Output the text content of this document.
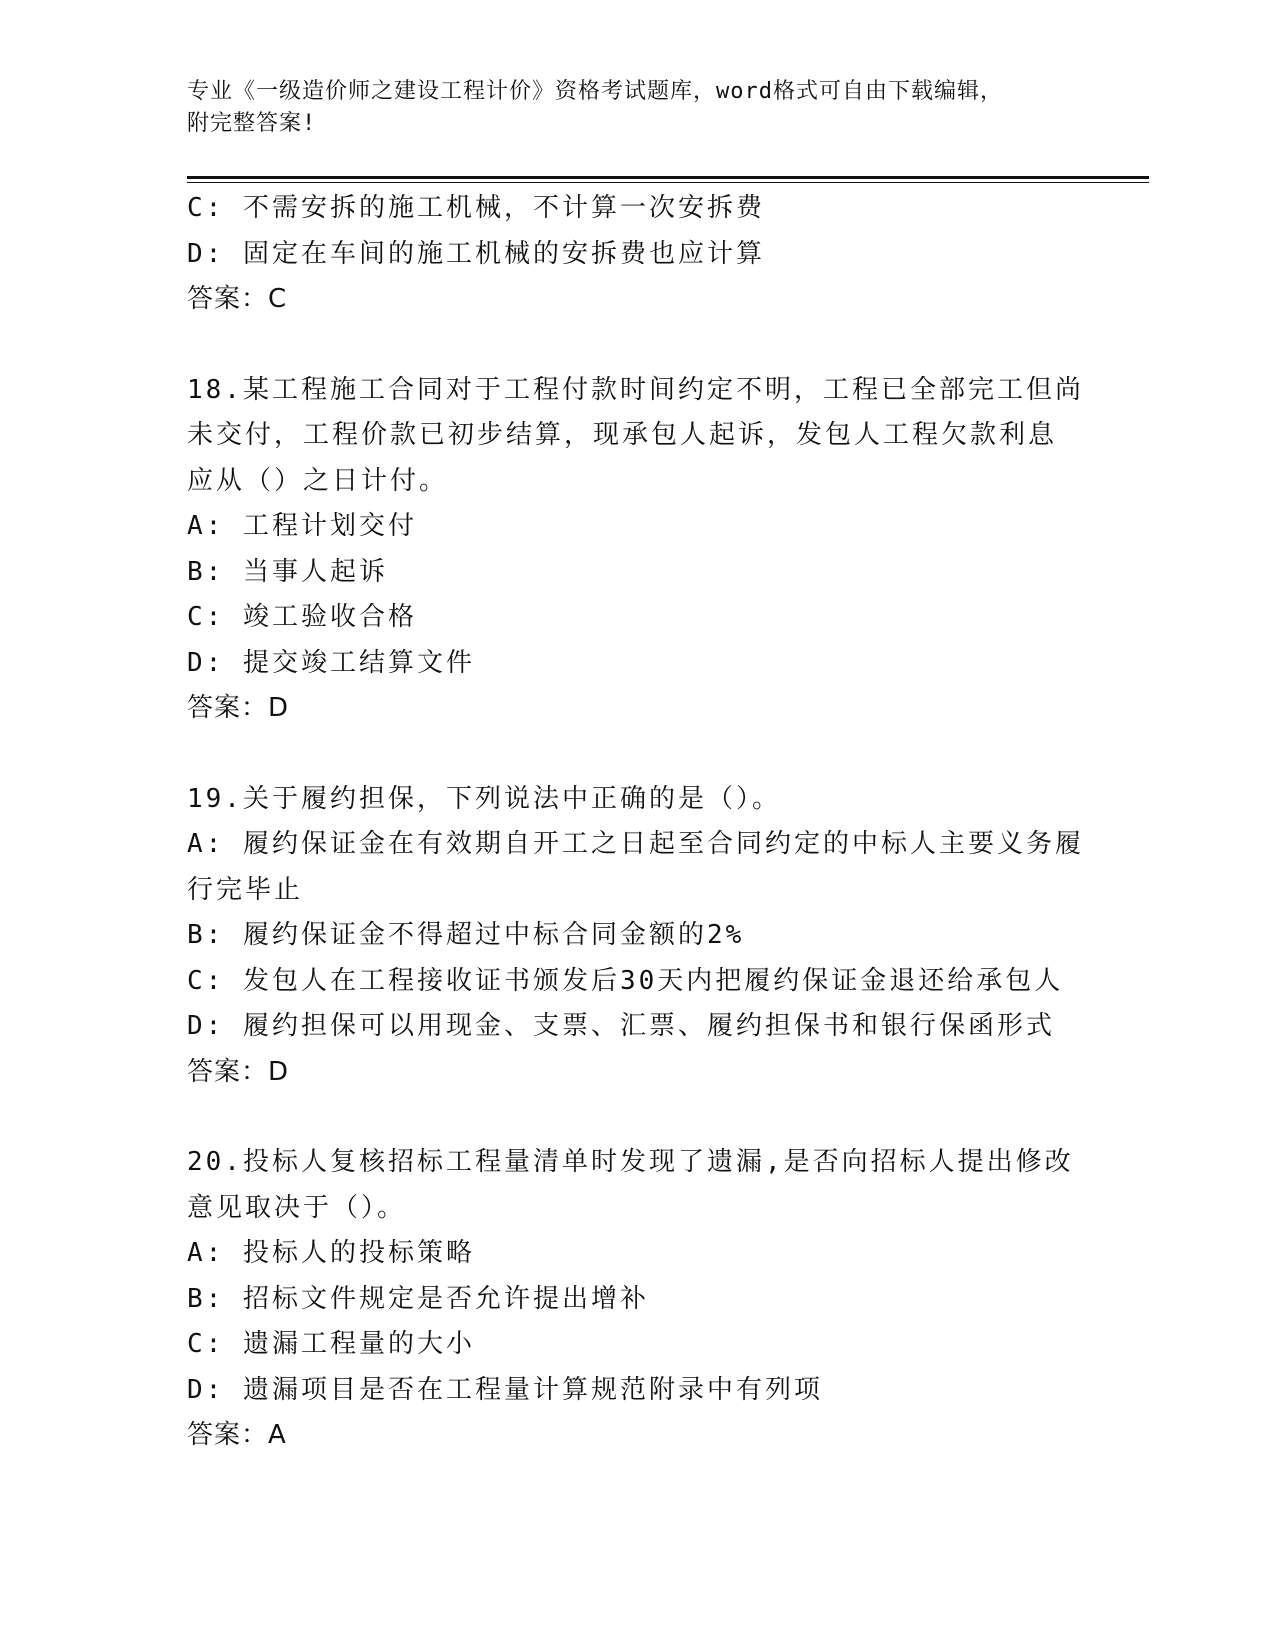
专业《一级造价师之建设工程计价》资格考试题库，word格式可自由下载编辑，
附完整答案!
C: 不需安拆的施工机械，不计算一次安拆费
D: 固定在车间的施工机械的安拆费也应计算
答案：C
18.某工程施工合同对于工程付款时间约定不明，工程已全部完工但尚
未交付，工程价款已初步结算，现承包人起诉，发包人工程欠款利息
应从（）之日计付。
A: 工程计划交付
B: 当事人起诉
C: 竣工验收合格
D: 提交竣工结算文件
答案：D
19.关于履约担保，下列说法中正确的是（）。
A: 履约保证金在有效期自开工之日起至合同约定的中标人主要义务履
行完毕止
B: 履约保证金不得超过中标合同金额的2%
C: 发包人在工程接收证书颁发后30天内把履约保证金退还给承包人
D: 履约担保可以用现金、支票、汇票、履约担保书和银行保函形式
答案：D
20.投标人复核招标工程量清单时发现了遗漏,是否向招标人提出修改
意见取决于（）。
A: 投标人的投标策略
B: 招标文件规定是否允许提出增补
C: 遗漏工程量的大小
D: 遗漏项目是否在工程量计算规范附录中有列项
答案：A
